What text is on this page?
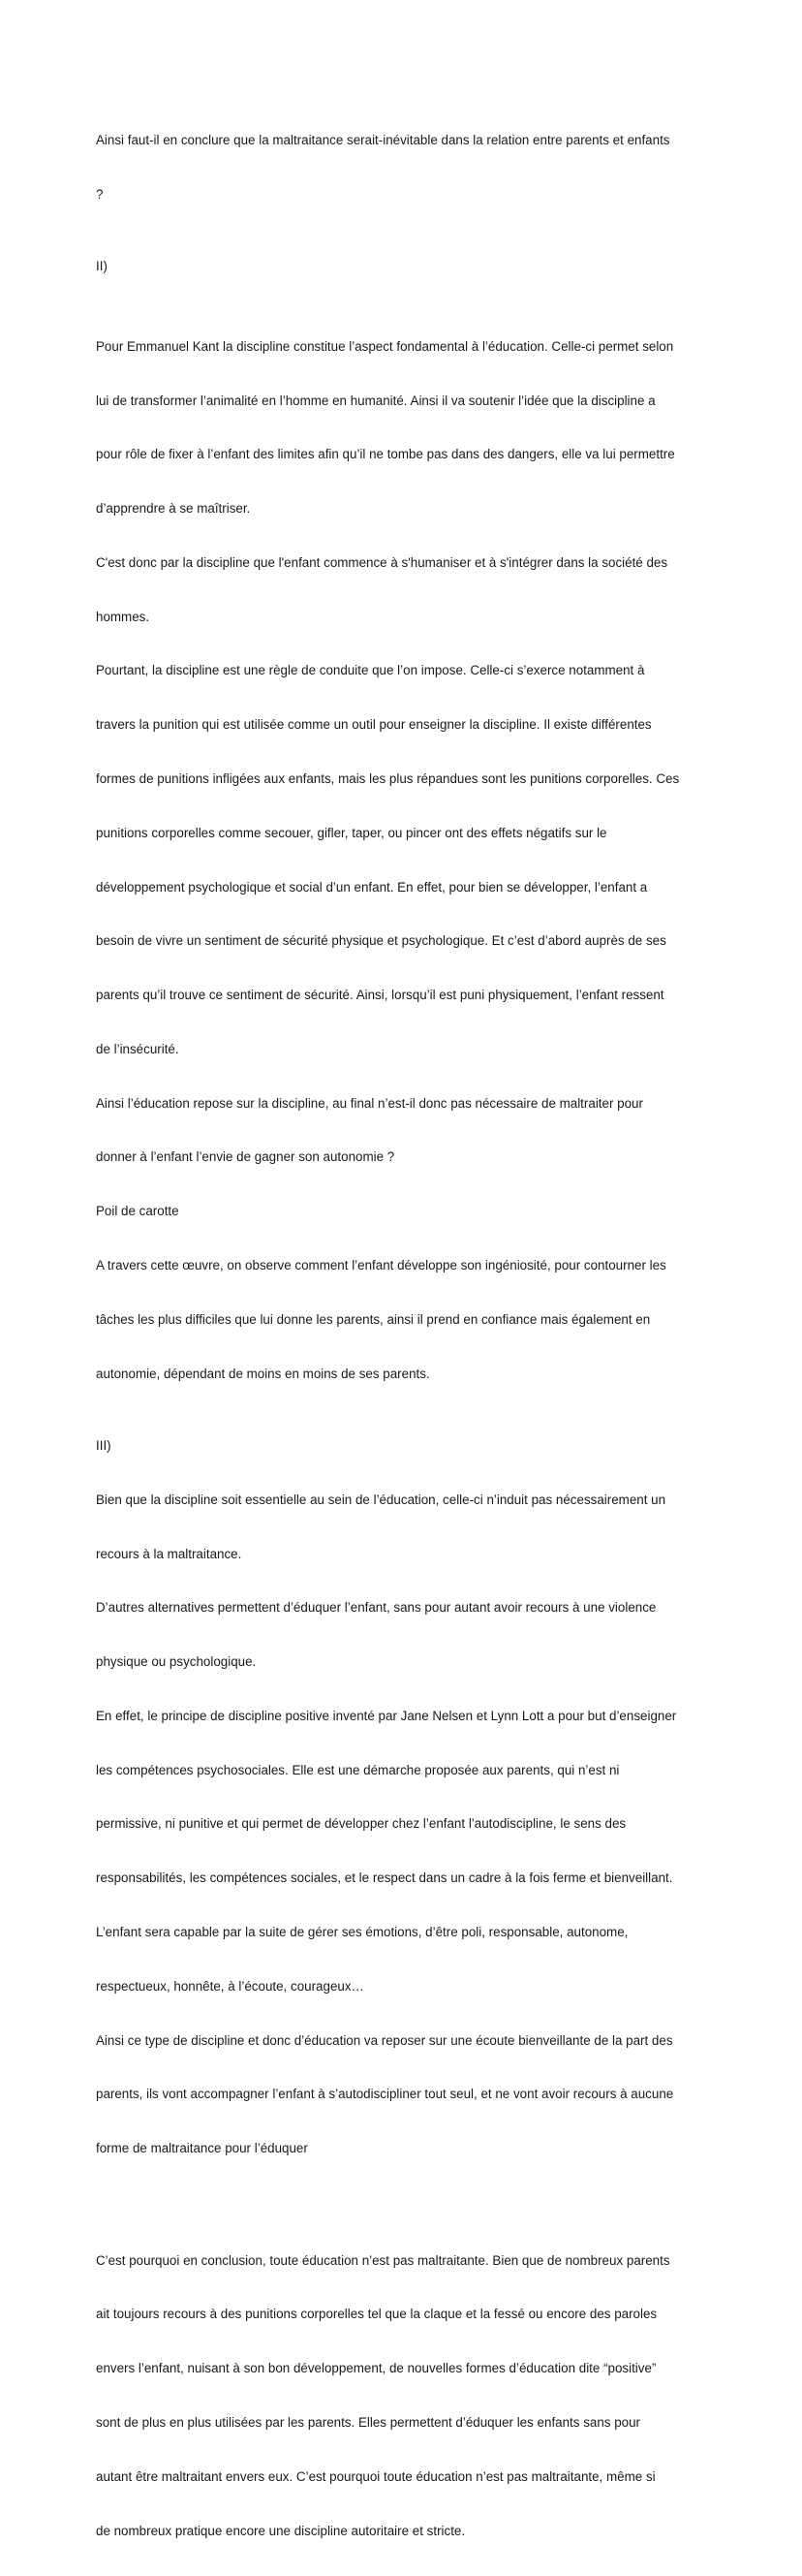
Ainsi faut-il en conclure que la maltraitance serait-inévitable dans la relation entre parents et enfants

?

II)

Pour Emmanuel Kant la discipline constitue l’aspect fondamental à l’éducation. Celle-ci permet selon

lui de transformer l’animalité en l’homme en humanité. Ainsi il va soutenir l’idée que la discipline a

pour rôle de fixer à l’enfant des limites afin qu’il ne tombe pas dans des dangers, elle va lui permettre

d’apprendre à se maîtriser.

C'est donc par la discipline que l'enfant commence à s'humaniser et à s'intégrer dans la société des

hommes.

Pourtant, la discipline est une règle de conduite que l’on impose. Celle-ci s’exerce notamment à

travers la punition qui est utilisée comme un outil pour enseigner la discipline. Il existe différentes

formes de punitions infligées aux enfants, mais les plus répandues sont les punitions corporelles. Ces

punitions corporelles comme secouer, gifler, taper, ou pincer ont des effets négatifs sur le

développement psychologique et social d’un enfant. En effet, pour bien se développer, l’enfant a

besoin de vivre un sentiment de sécurité physique et psychologique. Et c’est d’abord auprès de ses

parents qu’il trouve ce sentiment de sécurité. Ainsi, lorsqu’il est puni physiquement, l’enfant ressent

de l’insécurité.

Ainsi l’éducation repose sur la discipline, au final n’est-il donc pas nécessaire de maltraiter pour

donner à l’enfant l’envie de gagner son autonomie ?

Poil de carotte

A travers cette œuvre, on observe comment l’enfant développe son ingéniosité, pour contourner les

tâches les plus difficiles que lui donne les parents, ainsi il prend en confiance mais également en

autonomie, dépendant de moins en moins de ses parents.

III)

Bien que la discipline soit essentielle au sein de l’éducation, celle-ci n’induit pas nécessairement un

recours à la maltraitance.

D’autres alternatives permettent d’éduquer l’enfant, sans pour autant avoir recours à une violence

physique ou psychologique.

En effet, le principe de discipline positive inventé par Jane Nelsen et Lynn Lott a pour but d’enseigner

les compétences psychosociales. Elle est une démarche proposée aux parents, qui n’est ni

permissive, ni punitive et qui permet de développer chez l’enfant l’autodiscipline, le sens des

responsabilités, les compétences sociales, et le respect dans un cadre à la fois ferme et bienveillant.

L’enfant sera capable par la suite de gérer ses émotions, d’être poli, responsable, autonome,

respectueux, honnête, à l’écoute, courageux…

Ainsi ce type de discipline et donc d’éducation va reposer sur une écoute bienveillante de la part des

parents, ils vont accompagner l’enfant à s’autodiscipliner tout seul, et ne vont avoir recours à aucune

forme de maltraitance pour l’éduquer

C’est pourquoi en conclusion, toute éducation n’est pas maltraitante. Bien que de nombreux parents

ait toujours recours à des punitions corporelles tel que la claque et la fessé ou encore des paroles

envers l’enfant, nuisant à son bon développement, de nouvelles formes d’éducation dite “positive”

sont de plus en plus utilisées par les parents. Elles permettent d’éduquer les enfants sans pour

autant être maltraitant envers eux. C’est pourquoi toute éducation n’est pas maltraitante, même si

de nombreux pratique encore une discipline autoritaire et stricte.
